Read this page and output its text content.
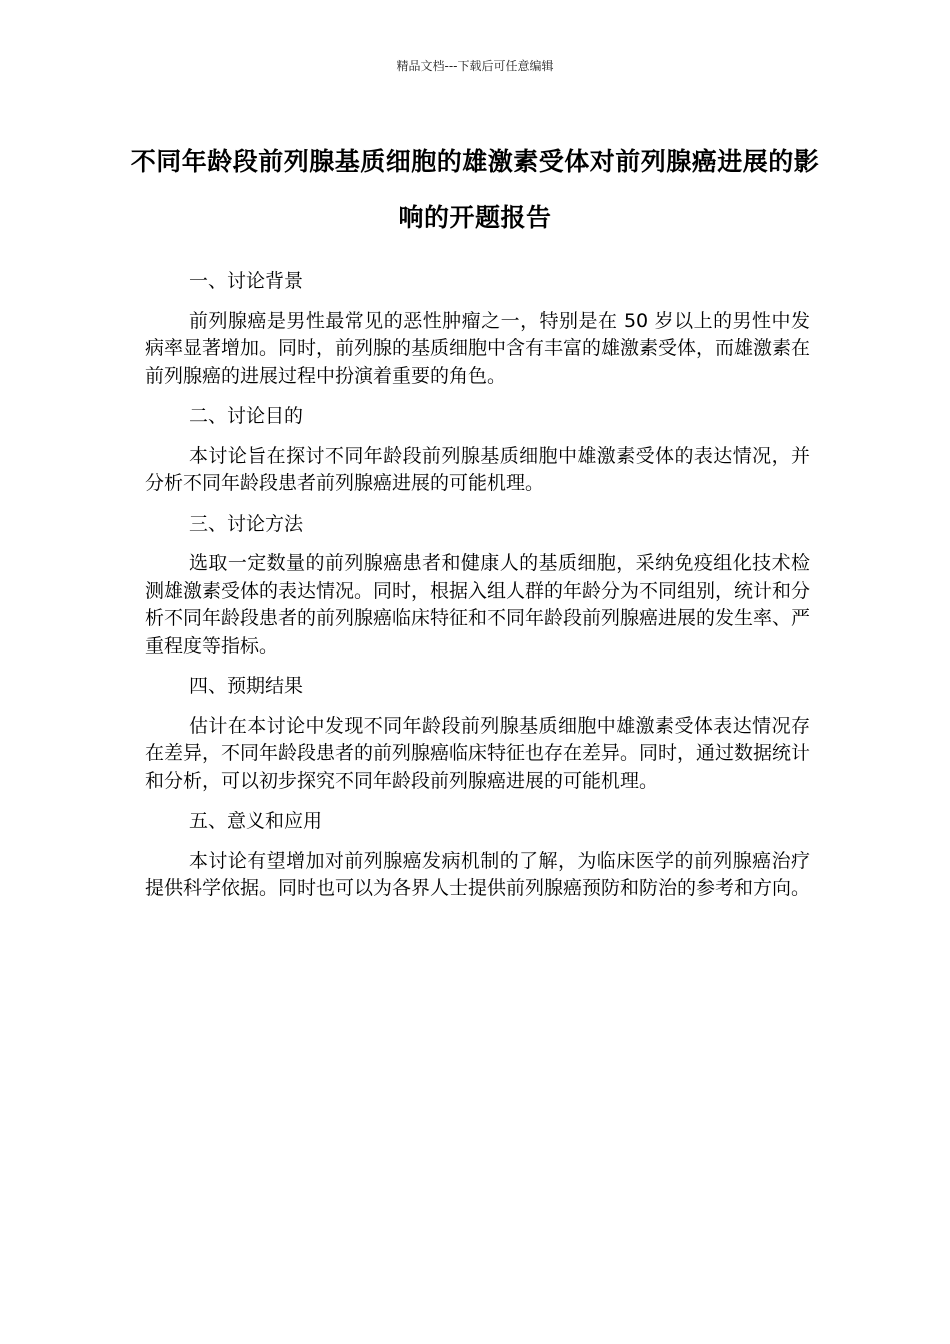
精品文档---下载后可任意编辑
不同年龄段前列腺基质细胞的雄激素受体对前列腺癌进展的影响的开题报告

一、讨论背景

前列腺癌是男性最常见的恶性肿瘤之一，特别是在 50 岁以上的男性中发病率显著增加。同时，前列腺的基质细胞中含有丰富的雄激素受体，而雄激素在前列腺癌的进展过程中扮演着重要的角色。

二、讨论目的

本讨论旨在探讨不同年龄段前列腺基质细胞中雄激素受体的表达情况，并分析不同年龄段患者前列腺癌进展的可能机理。

三、讨论方法

选取一定数量的前列腺癌患者和健康人的基质细胞，采纳免疫组化技术检测雄激素受体的表达情况。同时，根据入组人群的年龄分为不同组别，统计和分析不同年龄段患者的前列腺癌临床特征和不同年龄段前列腺癌进展的发生率、严重程度等指标。

四、预期结果

估计在本讨论中发现不同年龄段前列腺基质细胞中雄激素受体表达情况存在差异，不同年龄段患者的前列腺癌临床特征也存在差异。同时，通过数据统计和分析，可以初步探究不同年龄段前列腺癌进展的可能机理。

五、意义和应用

本讨论有望增加对前列腺癌发病机制的了解，为临床医学的前列腺癌治疗提供科学依据。同时也可以为各界人士提供前列腺癌预防和防治的参考和方向。
